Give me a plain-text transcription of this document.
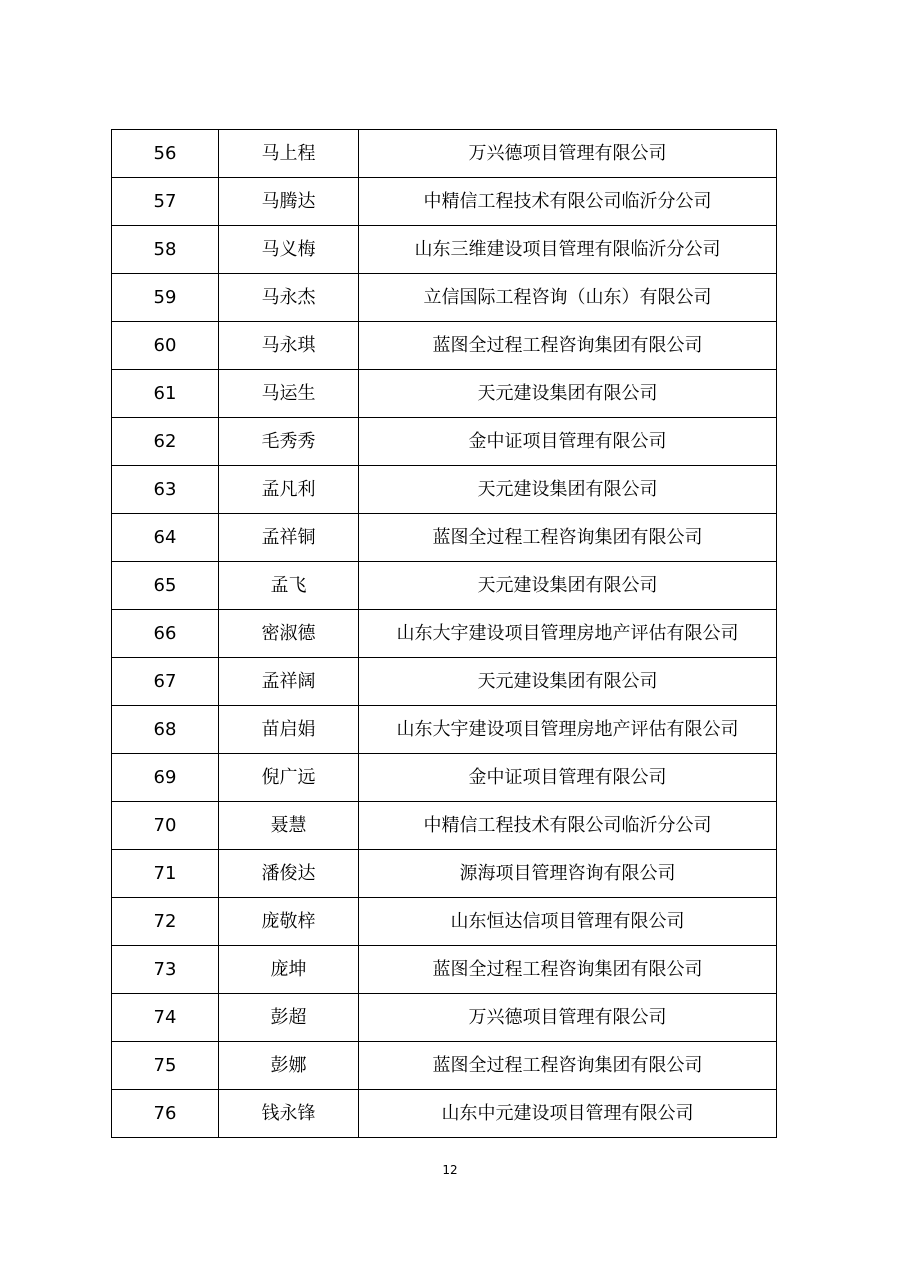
56	马上程	万兴德项目管理有限公司
57	马腾达	中精信工程技术有限公司临沂分公司
58	马义梅	山东三维建设项目管理有限临沂分公司
59	马永杰	立信国际工程咨询（山东）有限公司
60	马永琪	蓝图全过程工程咨询集团有限公司
61	马运生	天元建设集团有限公司
62	毛秀秀	金中证项目管理有限公司
63	孟凡利	天元建设集团有限公司
64	孟祥铜	蓝图全过程工程咨询集团有限公司
65	孟飞	天元建设集团有限公司
66	密淑德	山东大宇建设项目管理房地产评估有限公司
67	孟祥阔	天元建设集团有限公司
68	苗启娟	山东大宇建设项目管理房地产评估有限公司
69	倪广远	金中证项目管理有限公司
70	聂慧	中精信工程技术有限公司临沂分公司
71	潘俊达	源海项目管理咨询有限公司
72	庞敬梓	山东恒达信项目管理有限公司
73	庞坤	蓝图全过程工程咨询集团有限公司
74	彭超	万兴德项目管理有限公司
75	彭娜	蓝图全过程工程咨询集团有限公司
76	钱永锋	山东中元建设项目管理有限公司
12
